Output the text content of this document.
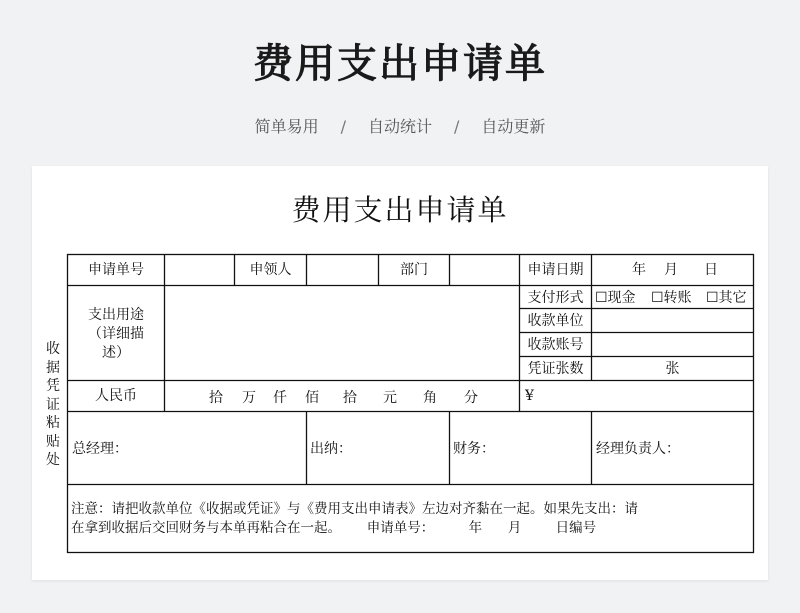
费用支出申请单
简单易用 / 自动统计 / 自动更新
费用支出申请单
收
据
凭
证
粘
贴
处
申请单号	申领人	部门	申请日期	年 月 日
支出用途
（详细描
述）
支付形式 ☐现金 ☐转账 ☐其它
收款单位
收款账号
凭证张数	张
人民币	拾 万 仟 佰 拾 元 角 分	¥
总经理：	出纳：	财务：	经理负责人：
注意：请把收款单位《收据或凭证》与《费用支出申请表》左边对齐黏在一起。如果先支出：请
在拿到收据后交回财务与本单再粘合在一起。      申请单号：        年      月        日编号
